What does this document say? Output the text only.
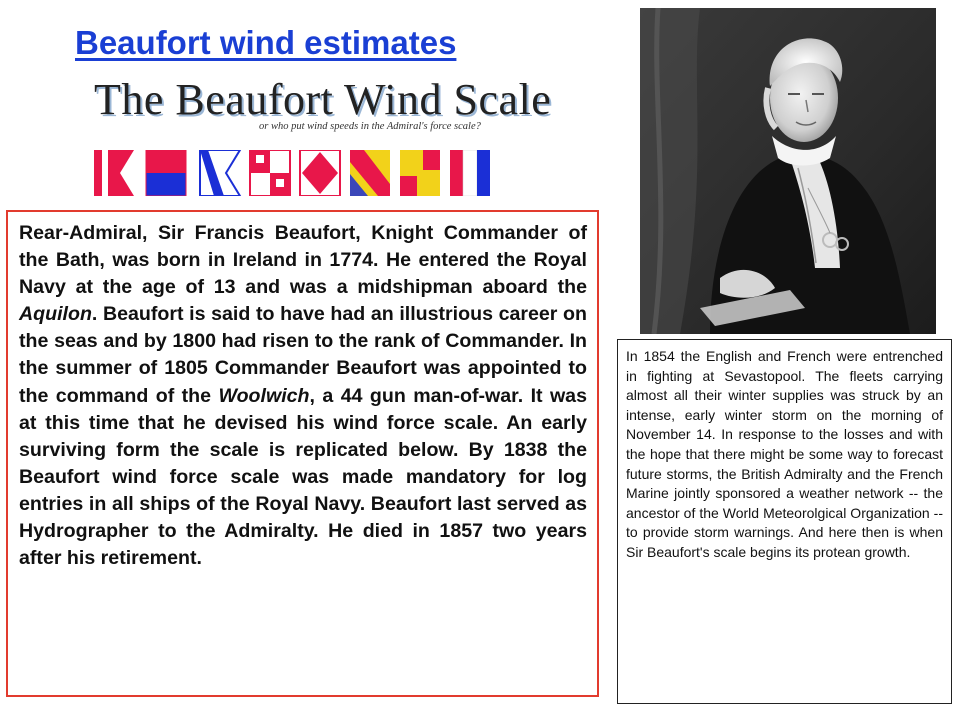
Beaufort wind estimates
The Beaufort Wind Scale
or who put wind speeds in the Admiral's force scale?

Rear-Admiral, Sir Francis Beaufort, Knight Commander of the Bath, was born in Ireland in 1774. He entered the Royal Navy at the age of 13 and was a midshipman aboard the Aquilon. Beaufort is said to have had an illustrious career on the seas and by 1800 had risen to the rank of Commander. In the summer of 1805 Commander Beaufort was appointed to the command of the Woolwich, a 44 gun man-of-war. It was at this time that he devised his wind force scale. An early surviving form the scale is replicated below. By 1838 the Beaufort wind force scale was made mandatory for log entries in all ships of the Royal Navy. Beaufort last served as Hydrographer to the Admiralty. He died in 1857 two years after his retirement.

In 1854 the English and French were entrenched in fighting at Sevastopool. The fleets carrying almost all their winter supplies was struck by an intense, early winter storm on the morning of November 14. In response to the losses and with the hope that there might be some way to forecast future storms, the British Admiralty and the French Marine jointly sponsored a weather network -- the ancestor of the World Meteorolgical Organization -- to provide storm warnings. And here then is when Sir Beaufort's scale begins its protean growth.
